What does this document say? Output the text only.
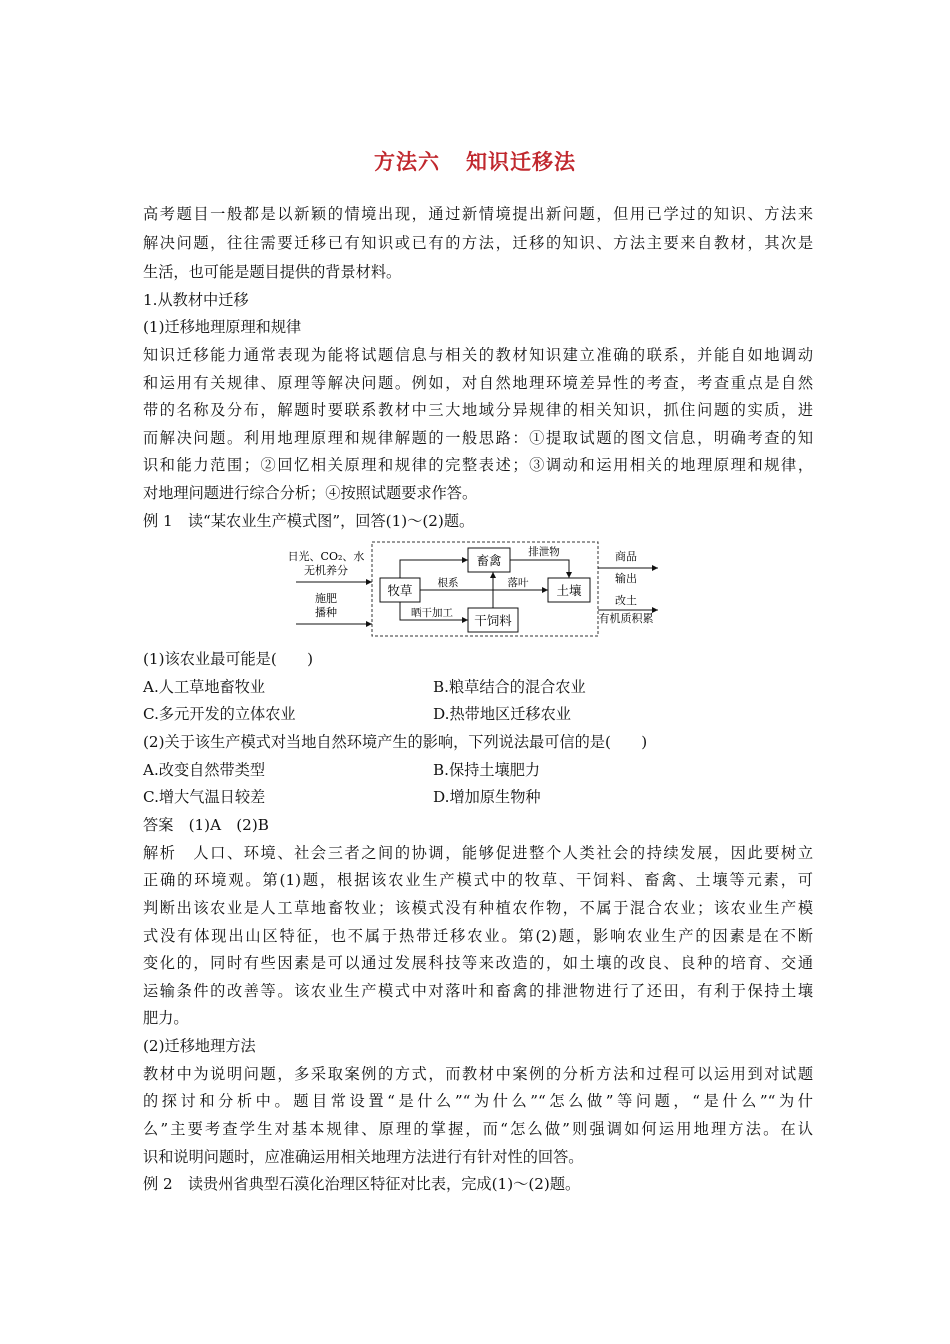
方法六 知识迁移法
高考题目一般都是以新颖的情境出现，通过新情境提出新问题，但用已学过的知识、方法来
解决问题，往往需要迁移已有知识或已有的方法，迁移的知识、方法主要来自教材，其次是
生活，也可能是题目提供的背景材料。
1.从教材中迁移
(1)迁移地理原理和规律
知识迁移能力通常表现为能将试题信息与相关的教材知识建立准确的联系，并能自如地调动
和运用有关规律、原理等解决问题。例如，对自然地理环境差异性的考查，考查重点是自然
带的名称及分布，解题时要联系教材中三大地域分异规律的相关知识，抓住问题的实质，进
而解决问题。利用地理原理和规律解题的一般思路：①提取试题的图文信息，明确考查的知
识和能力范围；②回忆相关原理和规律的完整表述；③调动和运用相关的地理原理和规律，
对地理问题进行综合分析；④按照试题要求作答。
例 1　读“某农业生产模式图”，回答(1)～(2)题。
日光、CO₂、水
无机养分
施肥
播种
牧草
畜禽
土壤
干饲料
排泄物
根系	落叶
晒干加工
商品
输出
改土
有机质积累
(1)该农业最可能是(　　)
A.人工草地畜牧业	B.粮草结合的混合农业
C.多元开发的立体农业	D.热带地区迁移农业
(2)关于该生产模式对当地自然环境产生的影响，下列说法最可信的是(　　)
A.改变自然带类型	B.保持土壤肥力
C.增大气温日较差	D.增加原生物种
答案　(1)A　(2)B
解析　人口、环境、社会三者之间的协调，能够促进整个人类社会的持续发展，因此要树立
正确的环境观。第(1)题，根据该农业生产模式中的牧草、干饲料、畜禽、土壤等元素，可
判断出该农业是人工草地畜牧业；该模式没有种植农作物，不属于混合农业；该农业生产模
式没有体现出山区特征，也不属于热带迁移农业。第(2)题，影响农业生产的因素是在不断
变化的，同时有些因素是可以通过发展科技等来改造的，如土壤的改良、良种的培育、交通
运输条件的改善等。该农业生产模式中对落叶和畜禽的排泄物进行了还田，有利于保持土壤
肥力。
(2)迁移地理方法
教材中为说明问题，多采取案例的方式，而教材中案例的分析方法和过程可以运用到对试题
的探讨和分析中。题目常设置“是什么”“为什么”“怎么做”等问题，“是什么”“为什
么”主要考查学生对基本规律、原理的掌握，而“怎么做”则强调如何运用地理方法。在认
识和说明问题时，应准确运用相关地理方法进行有针对性的回答。
例 2　读贵州省典型石漠化治理区特征对比表，完成(1)～(2)题。
